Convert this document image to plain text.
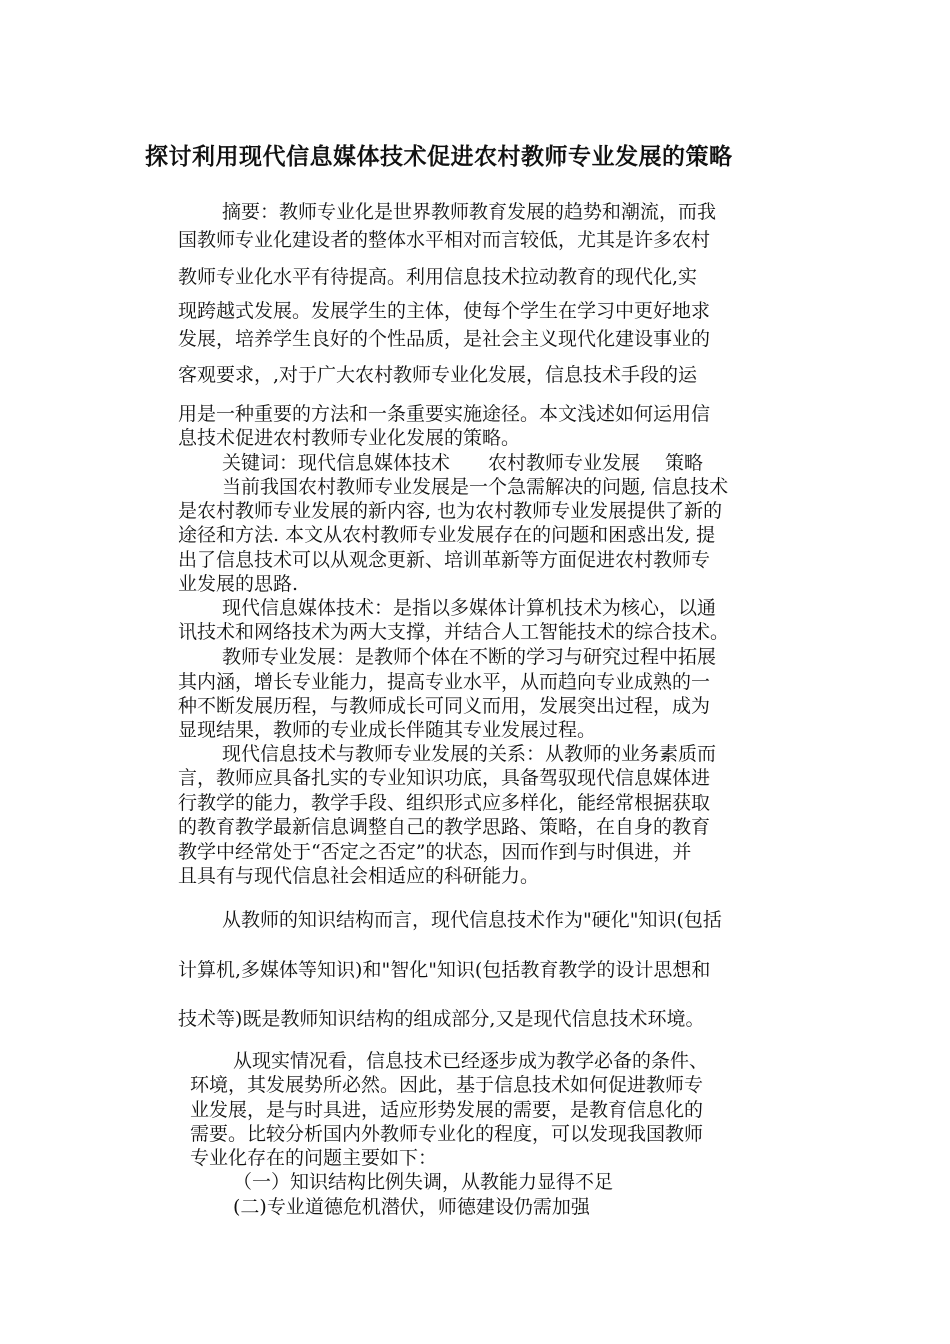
探讨利用现代信息媒体技术促进农村教师专业发展的策略
摘要：教师专业化是世界教师教育发展的趋势和潮流，而我
国教师专业化建设者的整体水平相对而言较低，尤其是许多农村
教师专业化水平有待提高。利用信息技术拉动教育的现代化,实
现跨越式发展。发展学生的主体，使每个学生在学习中更好地求
发展，培养学生良好的个性品质，是社会主义现代化建设事业的
客观要求，,对于广大农村教师专业化发展，信息技术手段的运
用是一种重要的方法和一条重要实施途径。本文浅述如何运用信
息技术促进农村教师专业化发展的策略。
关键词：现代信息媒体技术　　农村教师专业发展　 策略
当前我国农村教师专业发展是一个急需解决的问题, 信息技术
是农村教师专业发展的新内容, 也为农村教师专业发展提供了新的
途径和方法. 本文从农村教师专业发展存在的问题和困惑出发, 提
出了信息技术可以从观念更新、培训革新等方面促进农村教师专
业发展的思路.
现代信息媒体技术：是指以多媒体计算机技术为核心，以通
讯技术和网络技术为两大支撑，并结合人工智能技术的综合技术。
教师专业发展：是教师个体在不断的学习与研究过程中拓展
其内涵，增长专业能力，提高专业水平，从而趋向专业成熟的一
种不断发展历程，与教师成长可同义而用，发展突出过程，成为
显现结果，教师的专业成长伴随其专业发展过程。
现代信息技术与教师专业发展的关系：从教师的业务素质而
言，教师应具备扎实的专业知识功底，具备驾驭现代信息媒体进
行教学的能力，教学手段、组织形式应多样化，能经常根据获取
的教育教学最新信息调整自己的教学思路、策略，在自身的教育
教学中经常处于“否定之否定”的状态，因而作到与时俱进，并
且具有与现代信息社会相适应的科研能力。
从教师的知识结构而言，现代信息技术作为"硬化"知识(包括
计算机,多媒体等知识)和"智化"知识(包括教育教学的设计思想和
技术等)既是教师知识结构的组成部分,又是现代信息技术环境。
从现实情况看，信息技术已经逐步成为教学必备的条件、
环境，其发展势所必然。因此，基于信息技术如何促进教师专
业发展，是与时具进，适应形势发展的需要，是教育信息化的
需要。比较分析国内外教师专业化的程度，可以发现我国教师
专业化存在的问题主要如下：
（一）知识结构比例失调，从教能力显得不足
(二)专业道德危机潜伏，师德建设仍需加强
